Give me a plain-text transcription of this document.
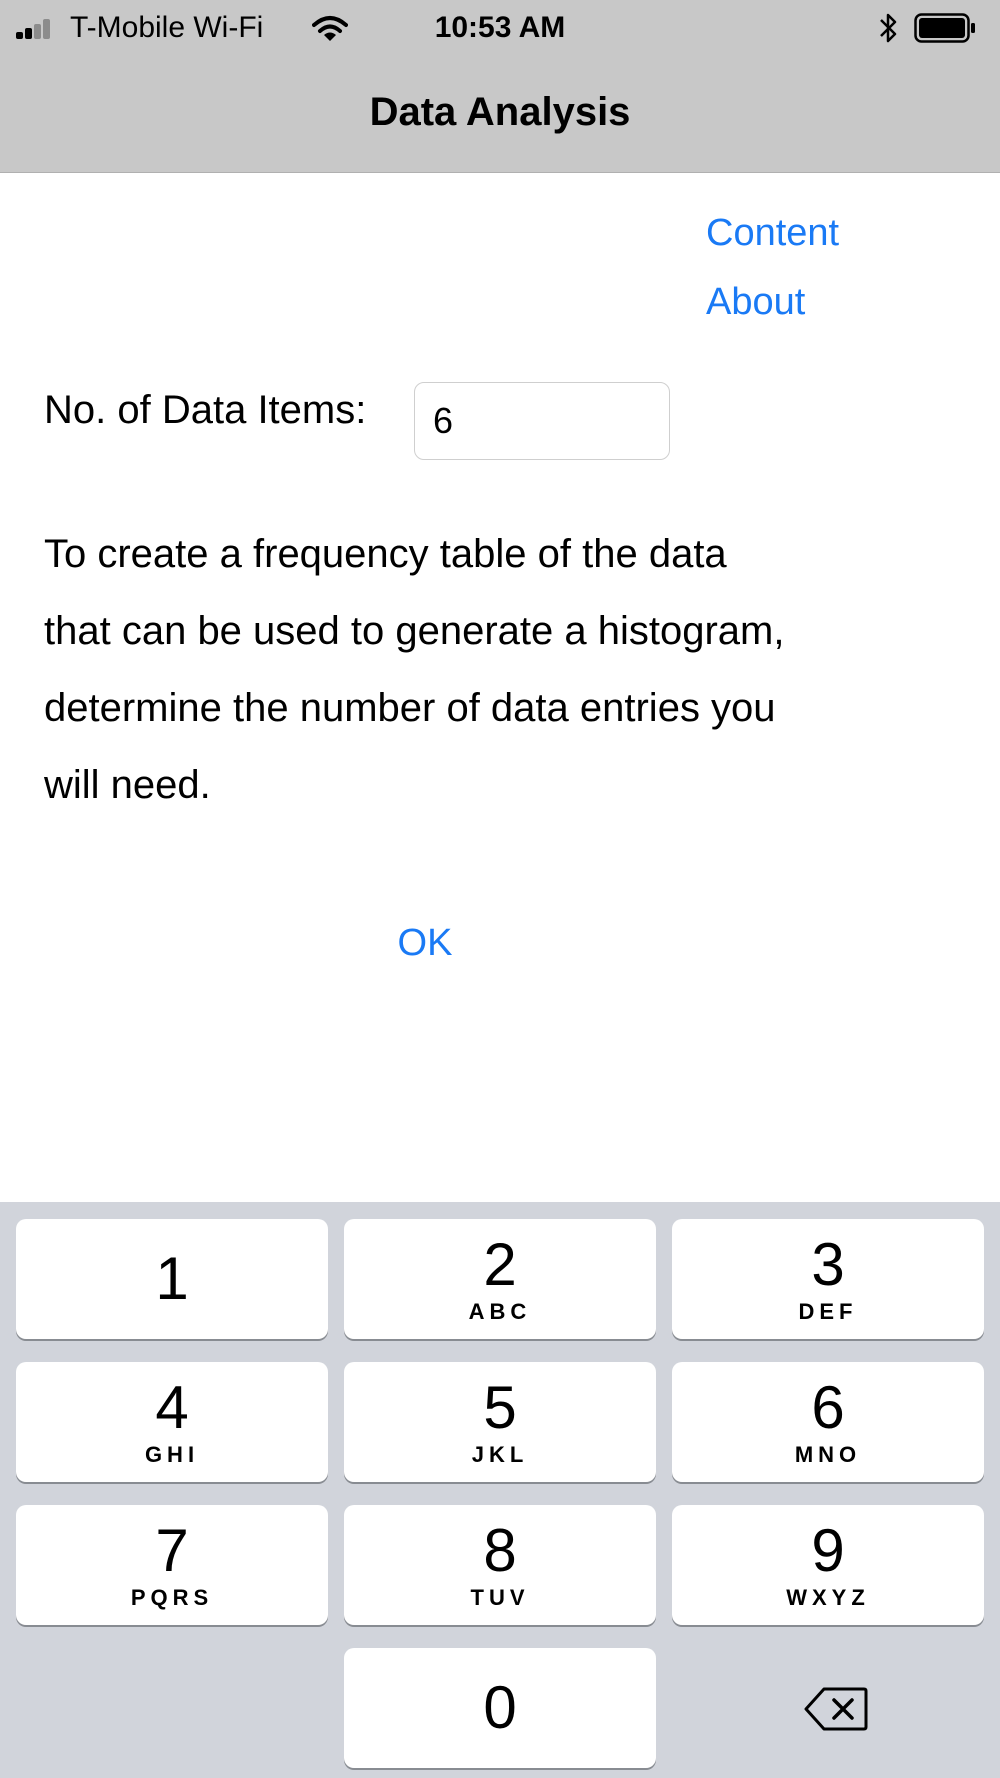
T-Mobile Wi-Fi	10:53 AM
Data Analysis
Content
About
No. of Data Items:
6

To create a frequency table of the data that can be used to generate a histogram, determine the number of data entries you will need.

OK
1	2
ABC
3
DEF
4
GHI
5
JKL
6
MNO
7
PQRS
8
TUV
9
WXYZ
0
